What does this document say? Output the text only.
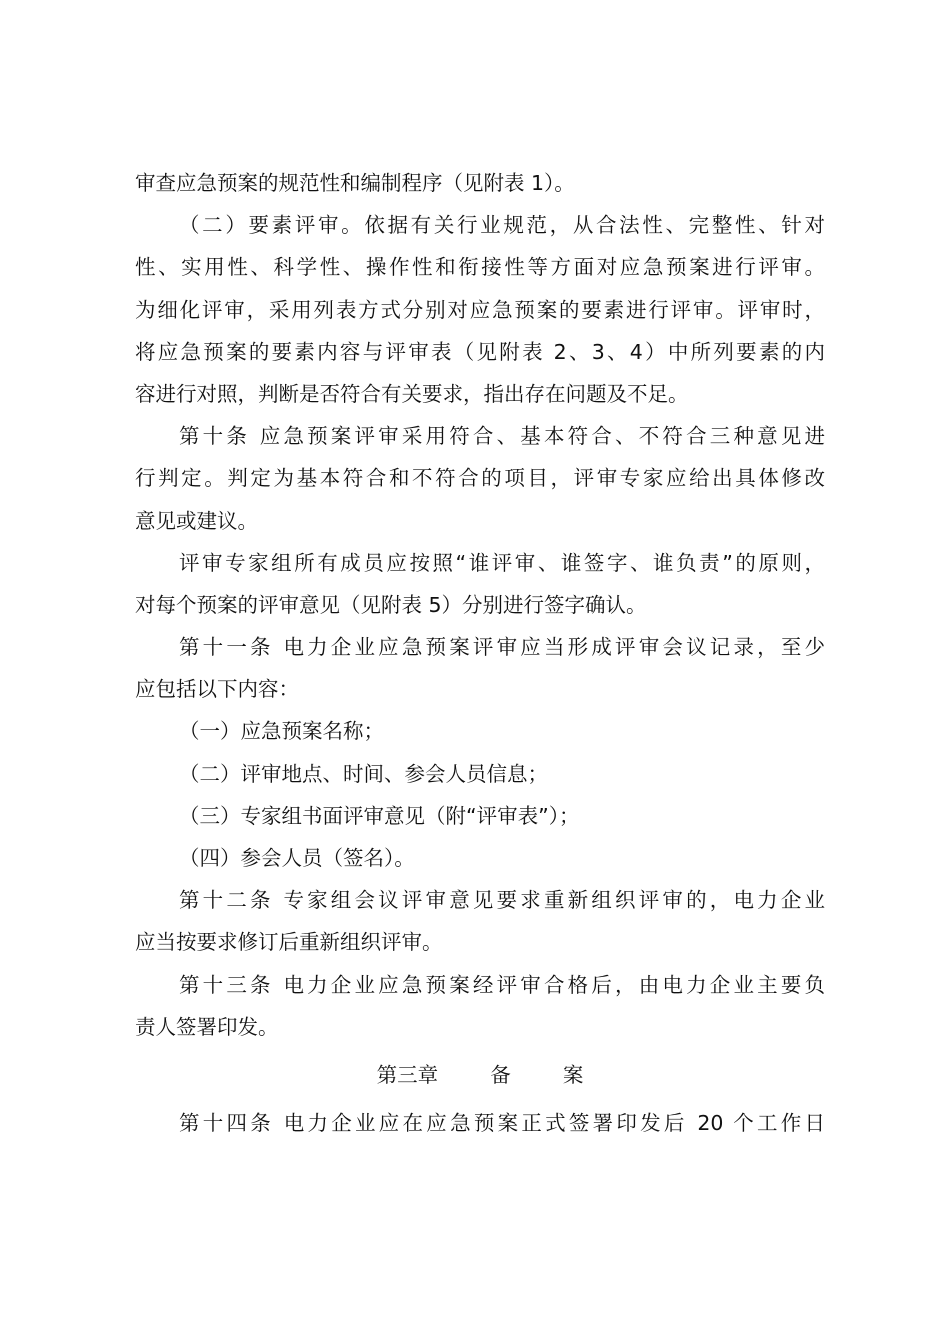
审查应急预案的规范性和编制程序（见附表 1）。
（二）要素评审。依据有关行业规范，从合法性、完整性、针对
性、实用性、科学性、操作性和衔接性等方面对应急预案进行评审。
为细化评审，采用列表方式分别对应急预案的要素进行评审。评审时，
将应急预案的要素内容与评审表（见附表 2、3、4）中所列要素的内
容进行对照，判断是否符合有关要求，指出存在问题及不足。
第十条 应急预案评审采用符合、基本符合、不符合三种意见进
行判定。判定为基本符合和不符合的项目，评审专家应给出具体修改
意见或建议。
评审专家组所有成员应按照“谁评审、谁签字、谁负责”的原则，
对每个预案的评审意见（见附表 5）分别进行签字确认。
第十一条 电力企业应急预案评审应当形成评审会议记录，至少
应包括以下内容：
（一）应急预案名称；
（二）评审地点、时间、参会人员信息；
（三）专家组书面评审意见（附“评审表”）；
（四）参会人员（签名）。
第十二条 专家组会议评审意见要求重新组织评审的，电力企业
应当按要求修订后重新组织评审。
第十三条 电力企业应急预案经评审合格后，由电力企业主要负
责人签署印发。
第三章        备        案
第十四条 电力企业应在应急预案正式签署印发后 20 个工作日
